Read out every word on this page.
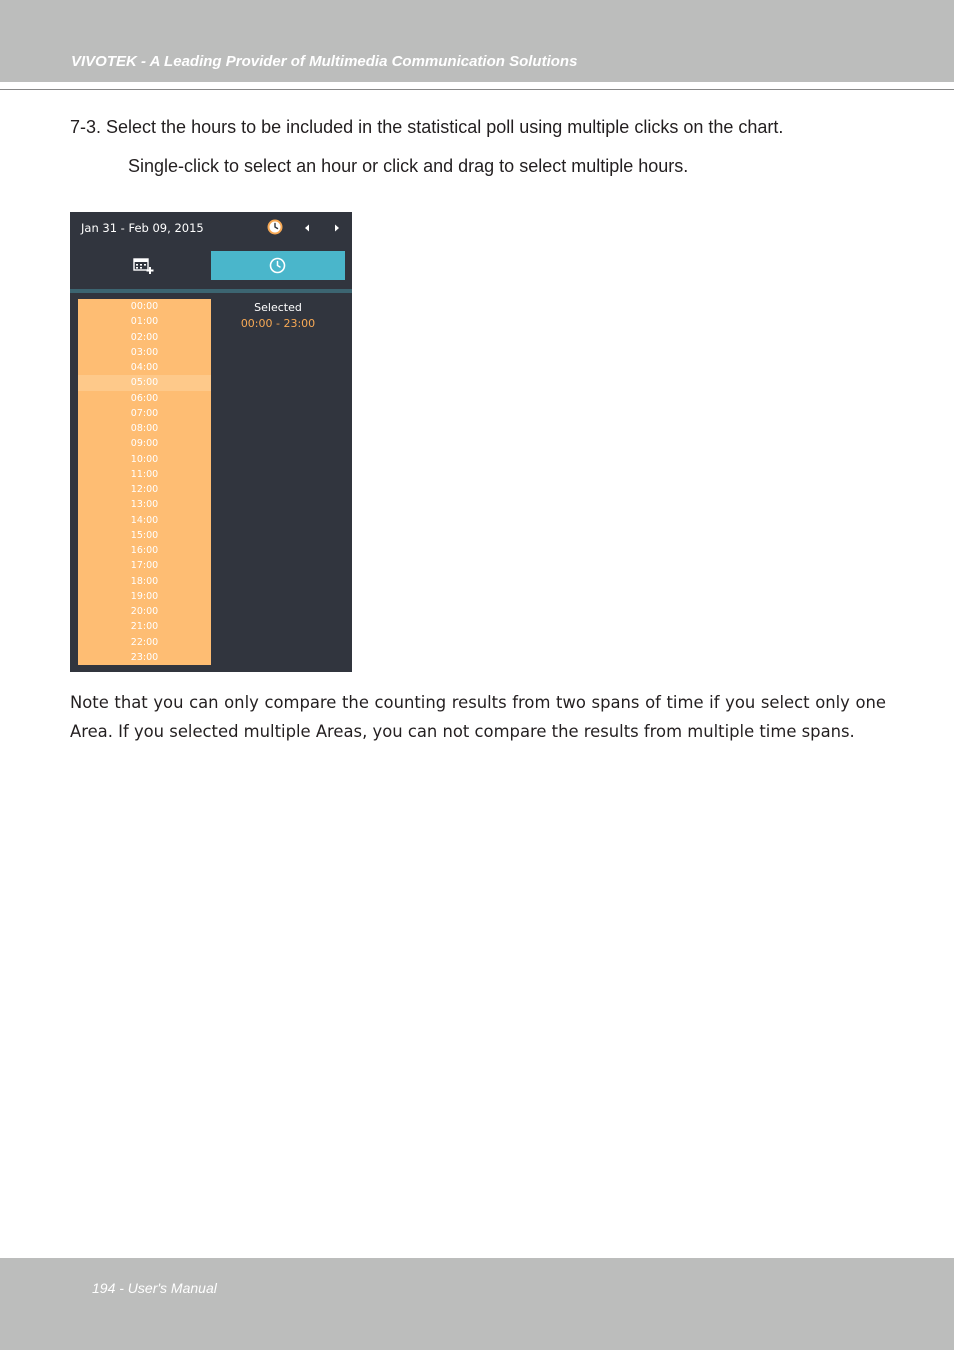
VIVOTEK - A Leading Provider of Multimedia Communication Solutions
7-3. Select the hours to be included in the statistical poll using multiple clicks on the chart.
Single-click to select an hour or click and drag to select multiple hours.
Jan 31 - Feb 09, 2015
00:00
01:00
02:00
03:00
04:00
05:00
06:00
07:00
08:00
09:00
10:00
11:00
12:00
13:00
14:00
15:00
16:00
17:00
18:00
19:00
20:00
21:00
22:00
23:00
Selected
00:00 - 23:00
Note that you can only compare the counting results from two spans of time if you select only one Area. If you selected multiple Areas, you can not compare the results from multiple time spans.
194 - User's Manual
